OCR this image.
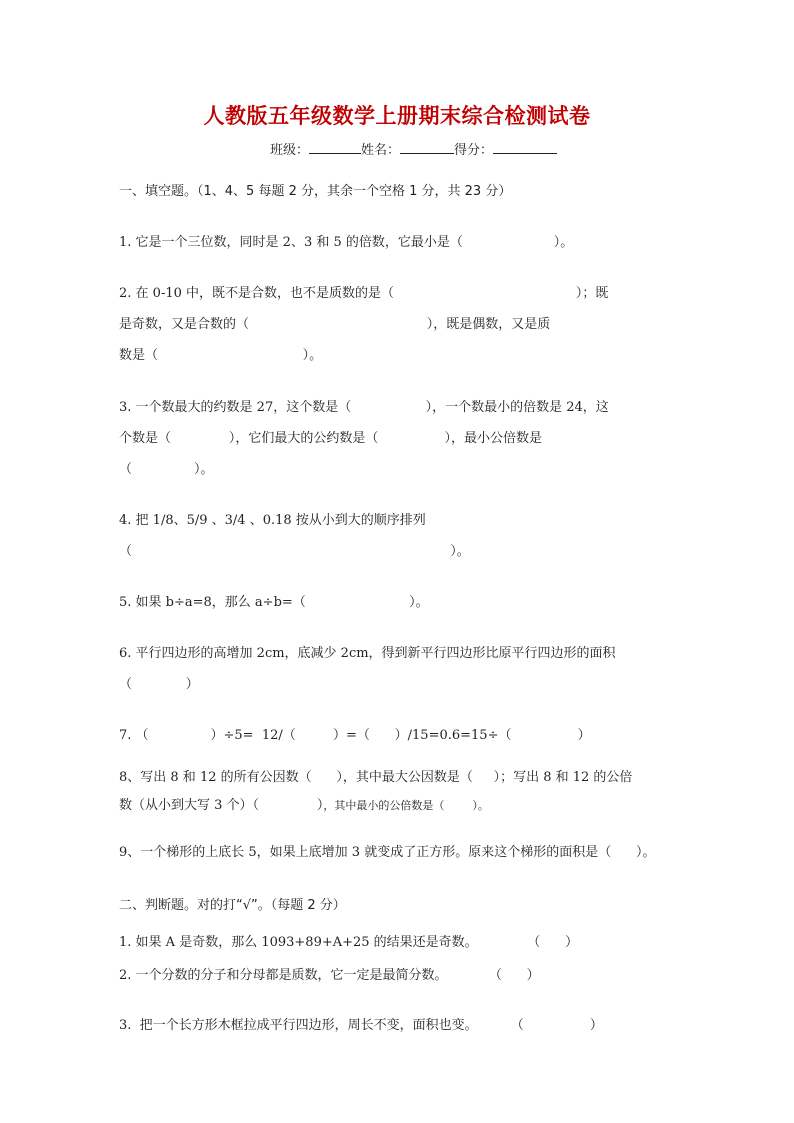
人教版五年级数学上册期末综合检测试卷
班级：	姓名：	得分：
一、填空题。（1、4、5 每题 2 分，其余一个空格 1 分，共 23 分）
1. 它是一个三位数，同时是 2、3 和 5 的倍数，它最小是（                      ）。
2. 在 0-10 中，既不是合数，也不是质数的是（                                            ）；既
是奇数，又是合数的（                                           ），既是偶数，又是质
数是（                                   ）。
3. 一个数最大的约数是 27，这个数是（                  ），一个数最小的倍数是 24，这
个数是（              ），它们最大的公约数是（                ），最小公倍数是
（               ）。
4. 把 1/8、5/9 、3/4 、0.18 按从小到大的顺序排列
（                                                                             ）。
5. 如果 b÷a=8，那么 a÷b=（                         ）。
6. 平行四边形的高增加 2cm，底减少 2cm，得到新平行四边形比原平行四边形的面积
（             ）
7. （               ）÷5=  12/（         ）=（      ）/15=0.6=15÷（                ）
8、写出 8 和 12 的所有公因数（      ），其中最大公因数是（     ）；写出 8 和 12 的公倍
数（从小到大写 3 个）（              ），其中最小的公倍数是（        ）。
9、一个梯形的上底长 5，如果上底增加 3 就变成了正方形。原来这个梯形的面积是（      ）。
二、判断题。对的打“√”。（每题 2 分）
1. 如果 A 是奇数，那么 1093+89+A+25 的结果还是奇数。            （      ）
2. 一个分数的分子和分母都是质数，它一定是最简分数。          （      ）
3.  把一个长方形木框拉成平行四边形，周长不变，面积也变。        （                ）
